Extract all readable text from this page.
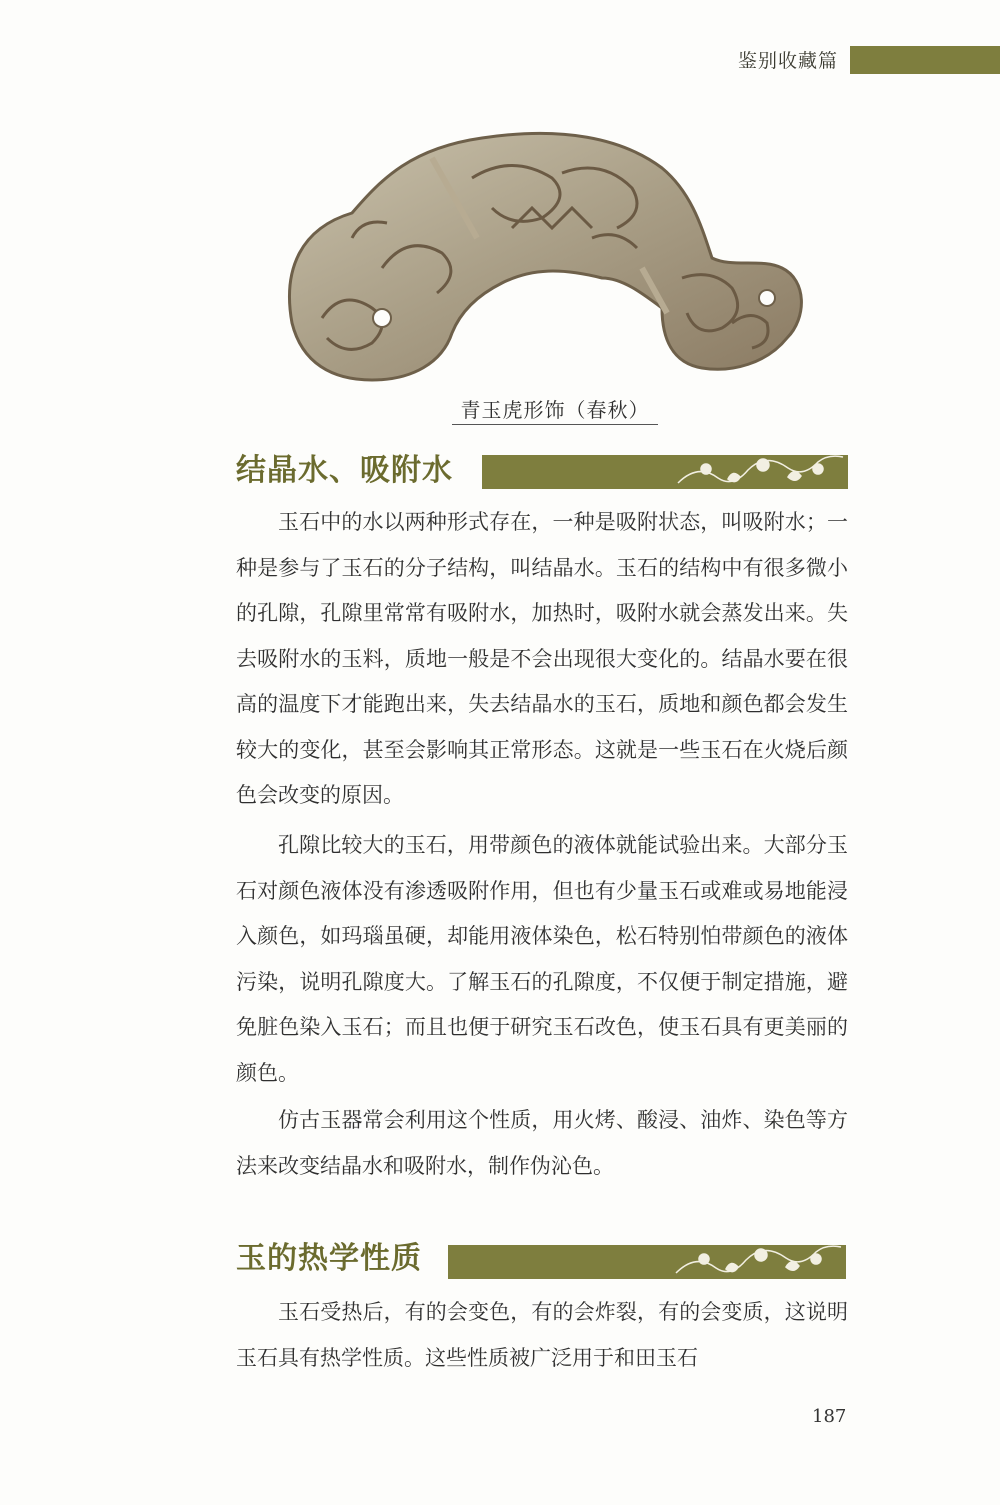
鉴别收藏篇
青玉虎形饰（春秋）
结晶水、吸附水

玉石中的水以两种形式存在，一种是吸附状态，叫吸附水；一种是参与了玉石的分子结构，叫结晶水。玉石的结构中有很多微小的孔隙，孔隙里常常有吸附水，加热时，吸附水就会蒸发出来。失去吸附水的玉料，质地一般是不会出现很大变化的。结晶水要在很高的温度下才能跑出来，失去结晶水的玉石，质地和颜色都会发生较大的变化，甚至会影响其正常形态。这就是一些玉石在火烧后颜色会改变的原因。

孔隙比较大的玉石，用带颜色的液体就能试验出来。大部分玉石对颜色液体没有渗透吸附作用，但也有少量玉石或难或易地能浸入颜色，如玛瑙虽硬，却能用液体染色，松石特别怕带颜色的液体污染，说明孔隙度大。了解玉石的孔隙度，不仅便于制定措施，避免脏色染入玉石；而且也便于研究玉石改色，使玉石具有更美丽的颜色。

仿古玉器常会利用这个性质，用火烤、酸浸、油炸、染色等方法来改变结晶水和吸附水，制作伪沁色。

玉的热学性质

玉石受热后，有的会变色，有的会炸裂，有的会变质，这说明玉石具有热学性质。这些性质被广泛用于和田玉石

187
